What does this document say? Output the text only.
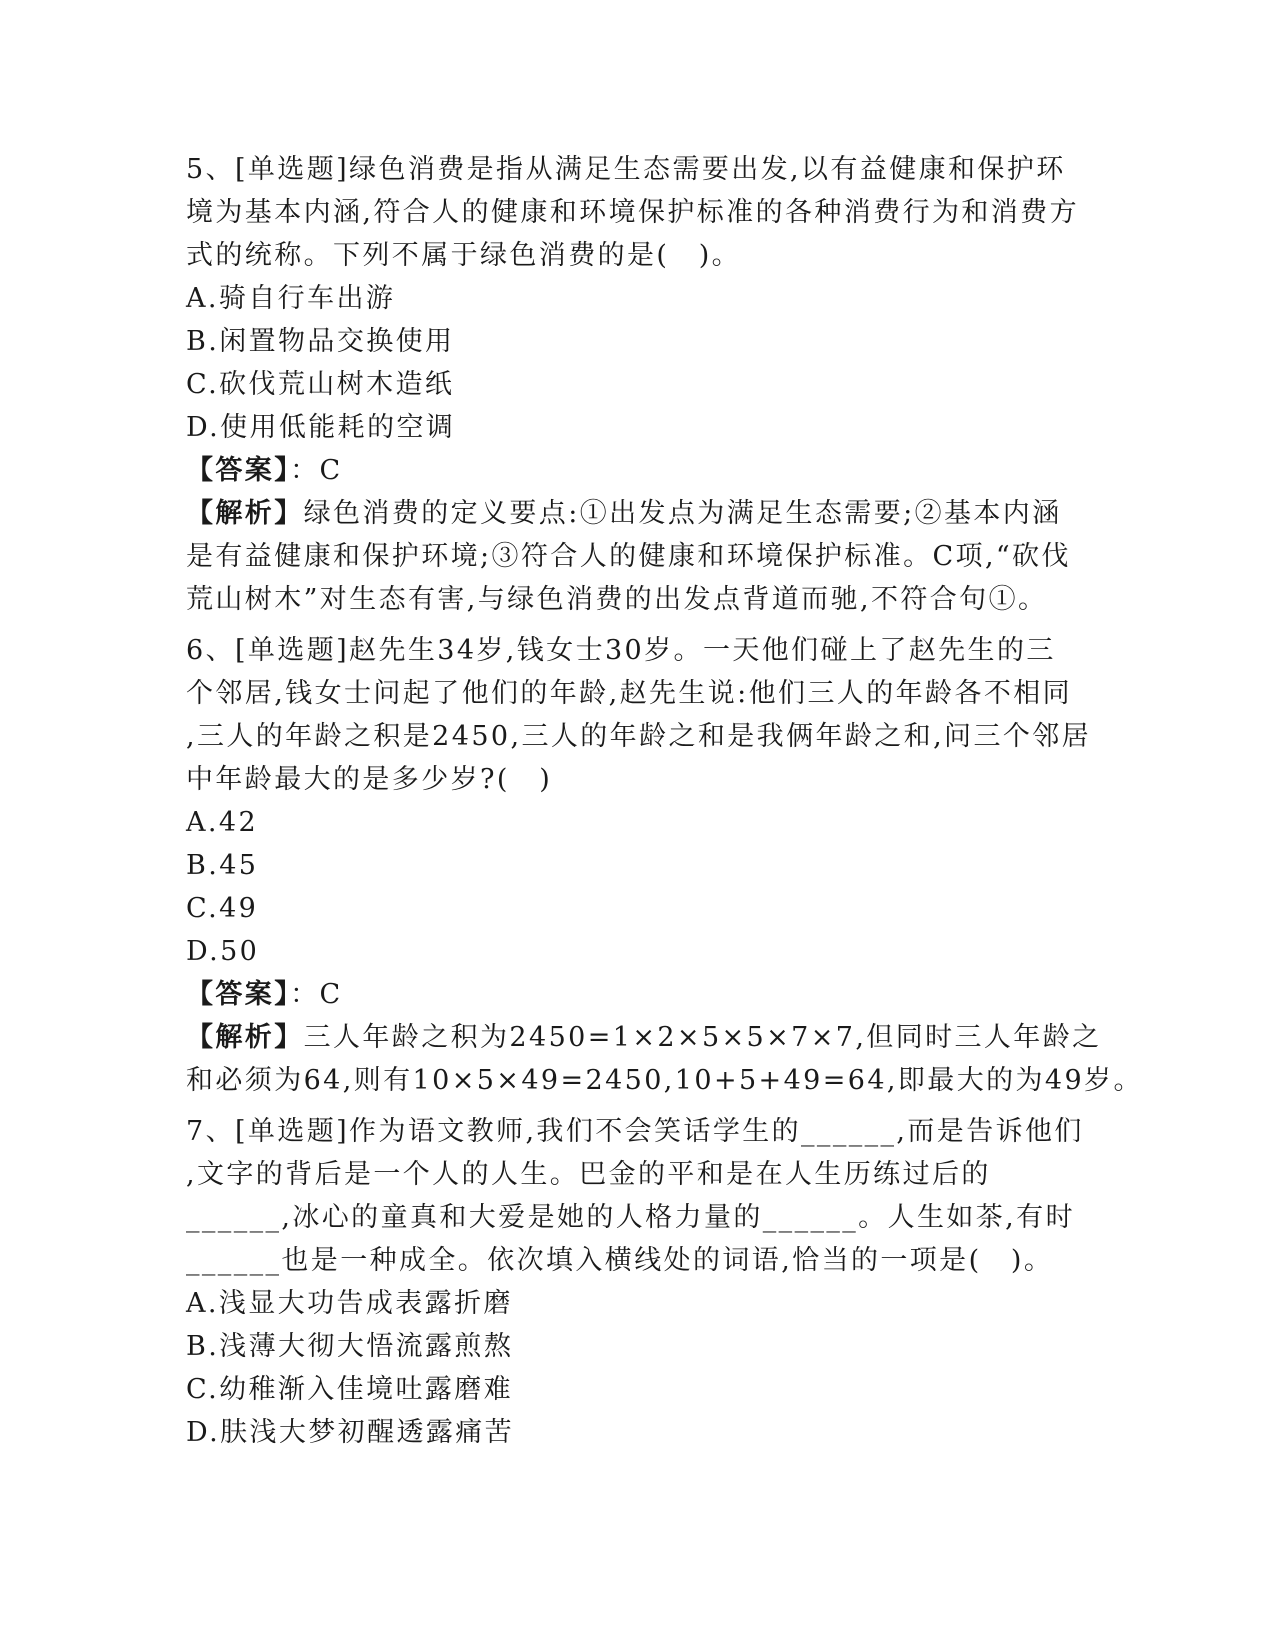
5、[单选题]绿色消费是指从满足生态需要出发,以有益健康和保护环
境为基本内涵,符合人的健康和环境保护标准的各种消费行为和消费方
式的统称。下列不属于绿色消费的是(　)。
A.骑自行车出游
B.闲置物品交换使用
C.砍伐荒山树木造纸
D.使用低能耗的空调
【答案】：C
【解析】绿色消费的定义要点:①出发点为满足生态需要;②基本内涵
是有益健康和保护环境;③符合人的健康和环境保护标准。C项,“砍伐
荒山树木”对生态有害,与绿色消费的出发点背道而驰,不符合句①。
6、[单选题]赵先生34岁,钱女士30岁。一天他们碰上了赵先生的三
个邻居,钱女士问起了他们的年龄,赵先生说:他们三人的年龄各不相同
,三人的年龄之积是2450,三人的年龄之和是我俩年龄之和,问三个邻居
中年龄最大的是多少岁?(　)
A.42
B.45
C.49
D.50
【答案】：C
【解析】三人年龄之积为2450=1×2×5×5×7×7,但同时三人年龄之
和必须为64,则有10×5×49=2450,10+5+49=64,即最大的为49岁。
7、[单选题]作为语文教师,我们不会笑话学生的______,而是告诉他们
,文字的背后是一个人的人生。巴金的平和是在人生历练过后的
______,冰心的童真和大爱是她的人格力量的______。人生如茶,有时
______也是一种成全。依次填入横线处的词语,恰当的一项是(　)。
A.浅显大功告成表露折磨
B.浅薄大彻大悟流露煎熬
C.幼稚渐入佳境吐露磨难
D.肤浅大梦初醒透露痛苦
